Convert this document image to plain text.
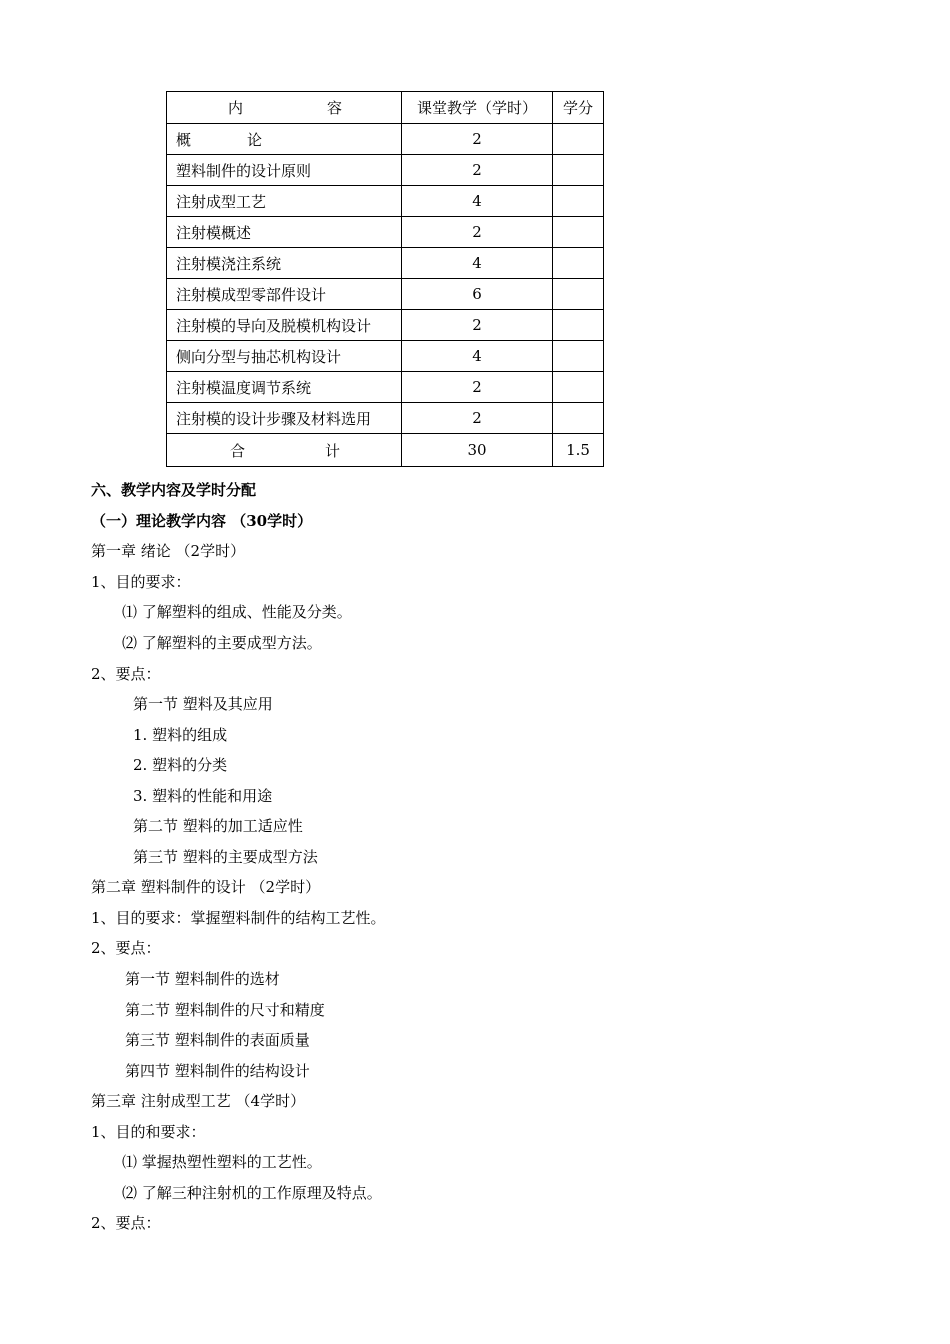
内 容	课堂教学（学时）	学分

概 论	2	
塑料制件的设计原则	2	
注射成型工艺	4	
注射模概述	2	
注射模浇注系统	4	
注射模成型零部件设计	6	
注射模的导向及脱模机构设计	2	
侧向分型与抽芯机构设计	4	
注射模温度调节系统	2	
注射模的设计步骤及材料选用	2	

合 计	30	1.5
六、教学内容及学时分配
（一）理论教学内容 （30学时）
第一章 绪论 （2学时）
1、目的要求：
⑴ 了解塑料的组成、性能及分类。
⑵ 了解塑料的主要成型方法。
2、要点：
第一节 塑料及其应用
1. 塑料的组成
2. 塑料的分类
3. 塑料的性能和用途
第二节 塑料的加工适应性
第三节 塑料的主要成型方法
第二章 塑料制件的设计 （2学时）
1、目的要求：掌握塑料制件的结构工艺性。
2、要点：
第一节 塑料制件的选材
第二节 塑料制件的尺寸和精度
第三节 塑料制件的表面质量
第四节 塑料制件的结构设计
第三章 注射成型工艺 （4学时）
1、目的和要求：
⑴ 掌握热塑性塑料的工艺性。
⑵ 了解三种注射机的工作原理及特点。
2、要点：
